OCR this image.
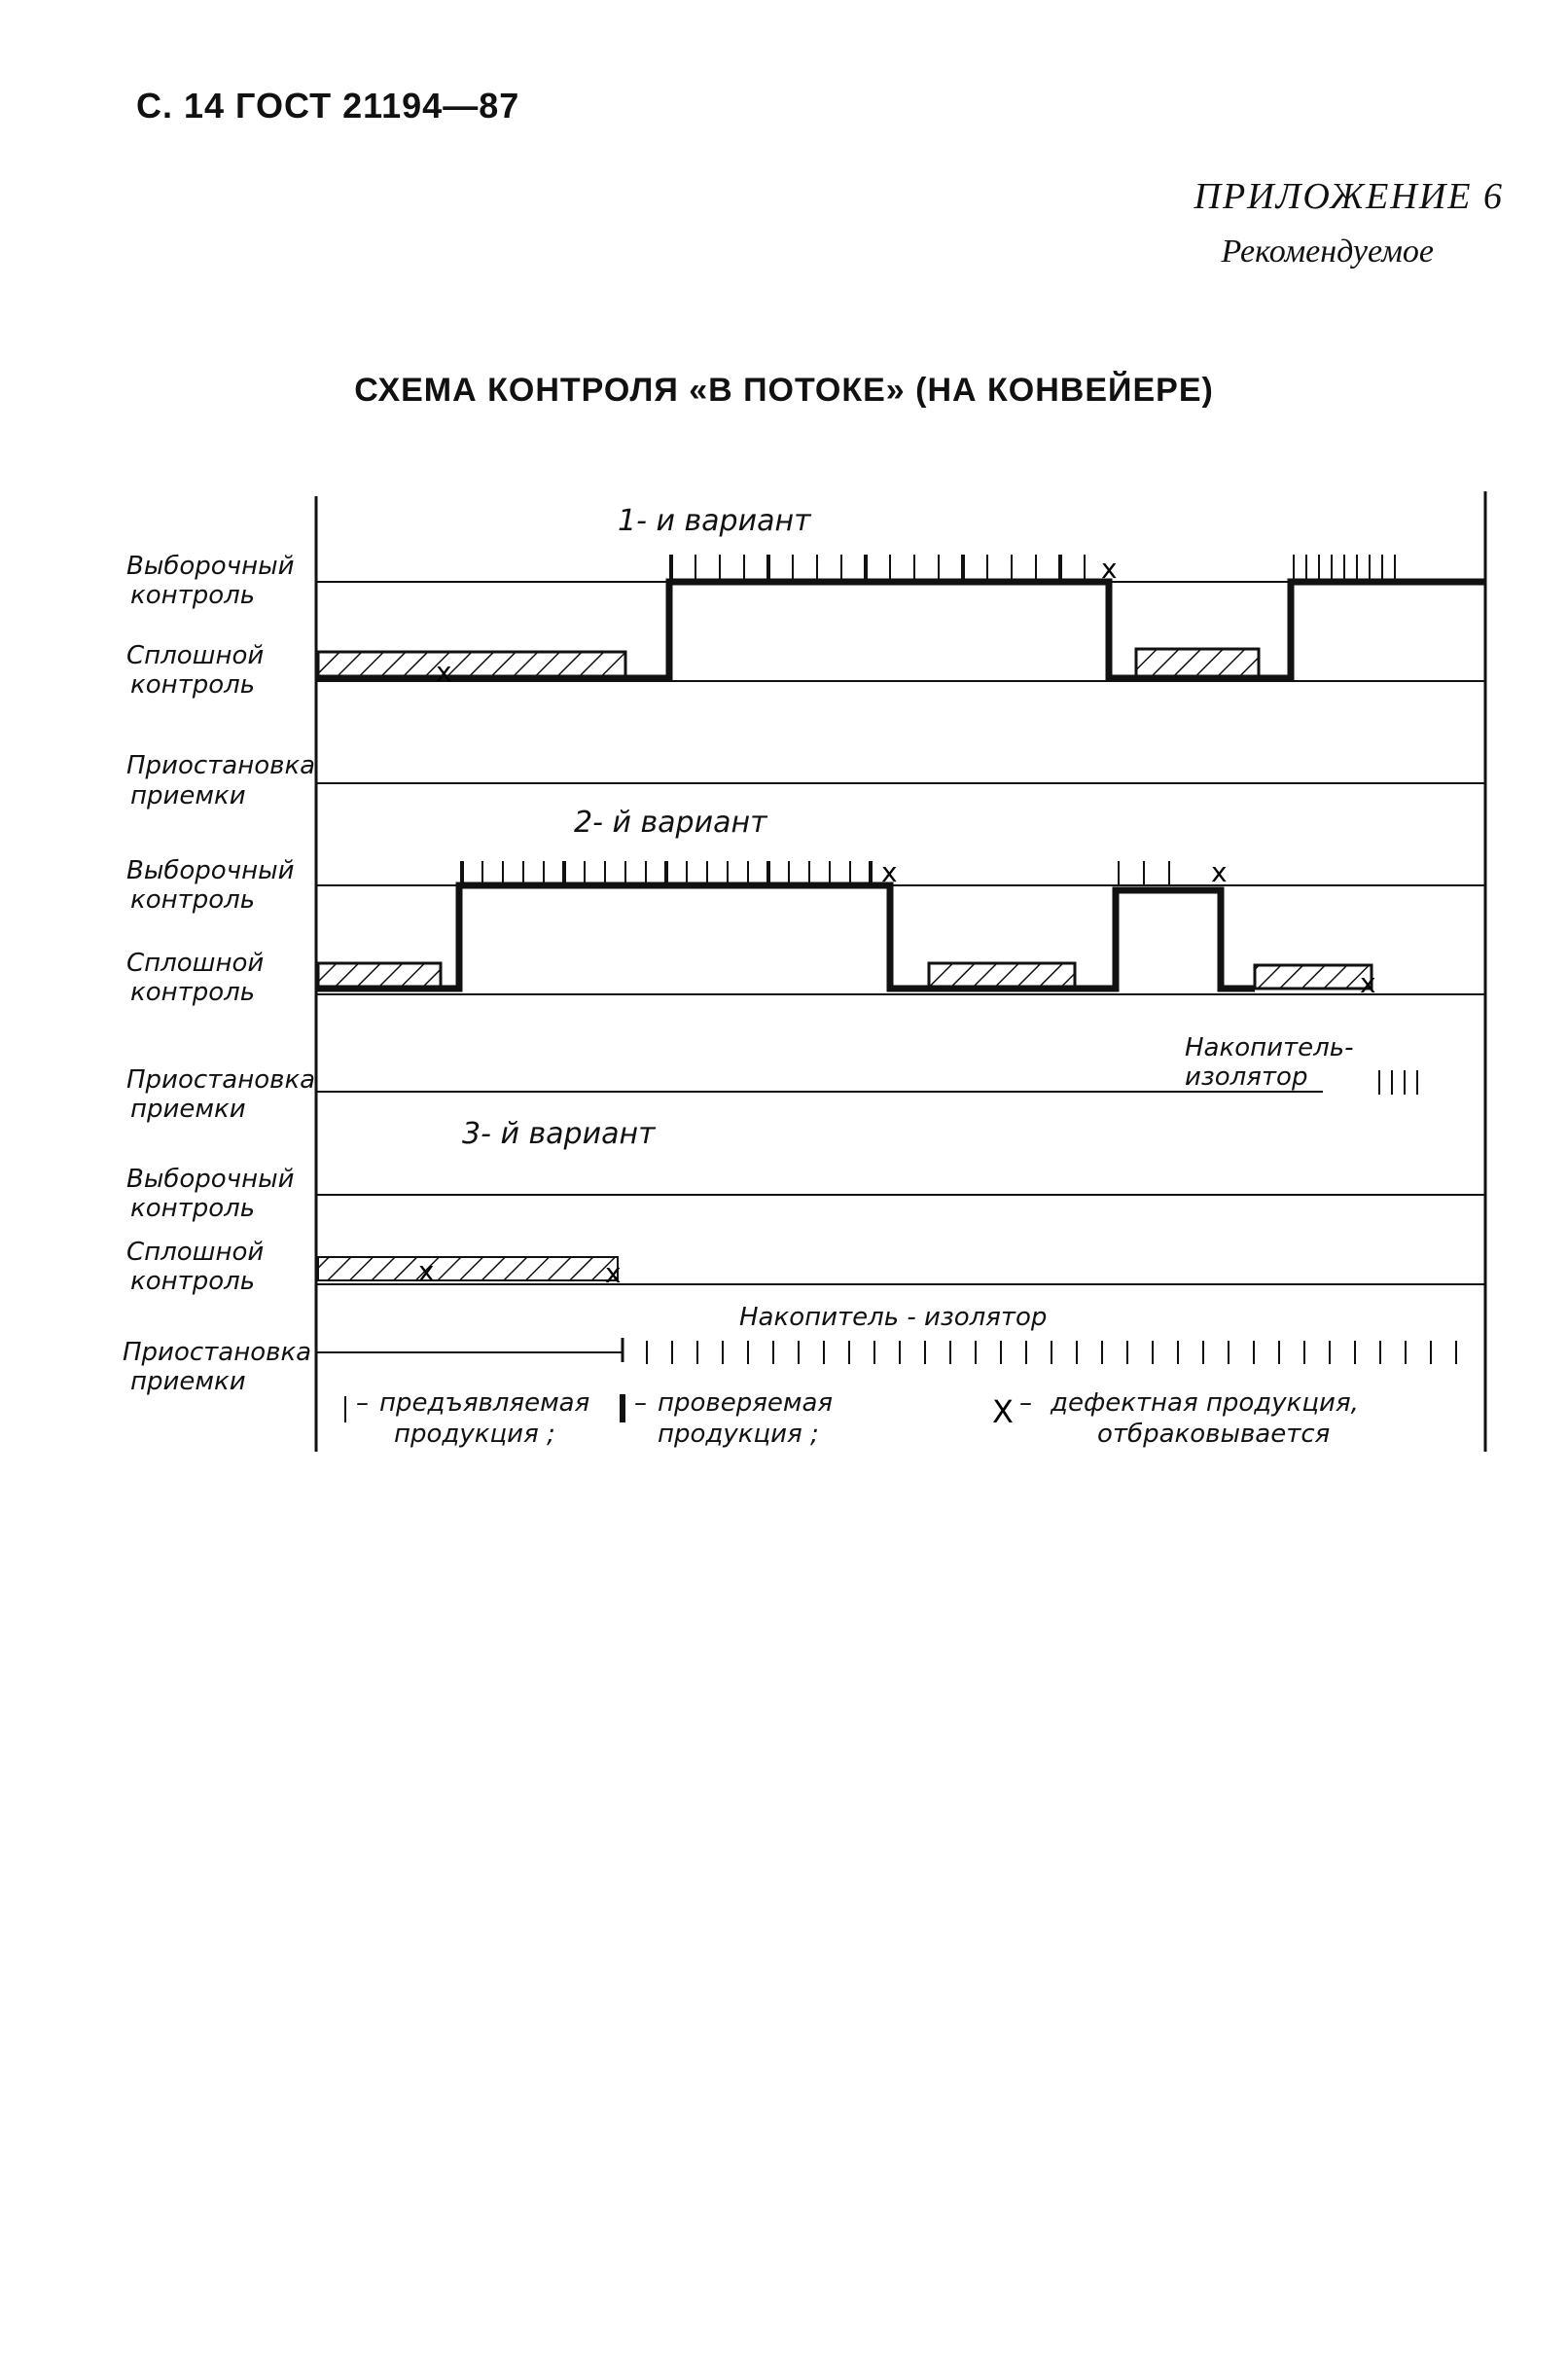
С. 14 ГОСТ 21194—87
ПРИЛОЖЕНИЕ 6
Рекомендуемое
СХЕМА КОНТРОЛЯ «В ПОТОКЕ» (НА КОНВЕЙЕРЕ)
Выборочный
контроль
Сплошной
контроль
Приостановка
приемки
Выборочный
контроль
Сплошной
контроль
Приостановка
приемки
Выборочный
контроль
Сплошной
контроль
Приостановка
приемки
1- и вариант
2- й вариант
3- й вариант
x
x
x	x
x
Накопитель-
изолятор
x	x
Накопитель - изолятор
– предъявляемая
продукция ;
– проверяемая
продукция ;
X – дефектная продукция,
отбраковывается
